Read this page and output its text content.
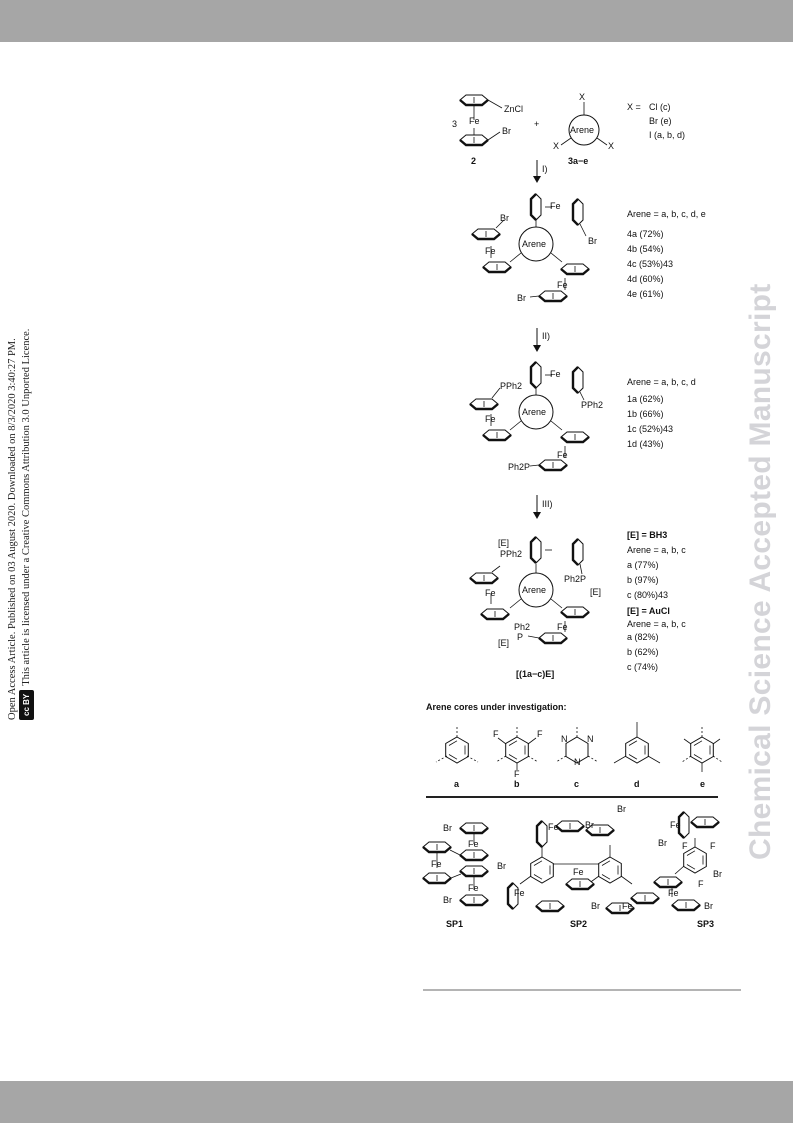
Open Access Article. Published on 03 August 2020. Downloaded on 8/3/2020 3:40:27 PM. cc BYThis article is licensed under a Creative Commons Attribution 3.0 Unported Licence.	Chemical Science Accepted Manuscript
3
ZnCl
Fe
Br
2
+
X
X	X
Arene
3a−e
X = Cl (c)
Br (e)
I (a, b, d)
I)
II)
III)
Arene
Fe
Br
Br
Fe
Fe
Br
Arene = a, b, c, d, e
4a (72%)
4b (54%)
4c (53%)43
4d (60%)
4e (61%)
Arene
Fe
PPh2
PPh2
Fe
Fe
Ph2P
Arene = a, b, c, d
1a (62%)
1b (66%)
1c (52%)43
1d (43%)
Arene
[E]
PPh2
Fe
Ph2P
[E]
Fe
Ph2
P
[E]
[(1a−c)E]
[E] = BH3
Arene = a, b, c
a (77%)
b (97%)
c (80%)43
[E] = AuCl
Arene = a, b, c
a (82%)
b (62%)
c (74%)
Arene cores under investigation:
F	F
F
N N
N
a	b	c	d	e
Br
Fe
Fe
Fe
Br
Fe	Br
Br
Br
Fe
Fe
Br Fe
Fe
Br F	F
Br
F
Fe
Br
SP1	SP2	SP3
